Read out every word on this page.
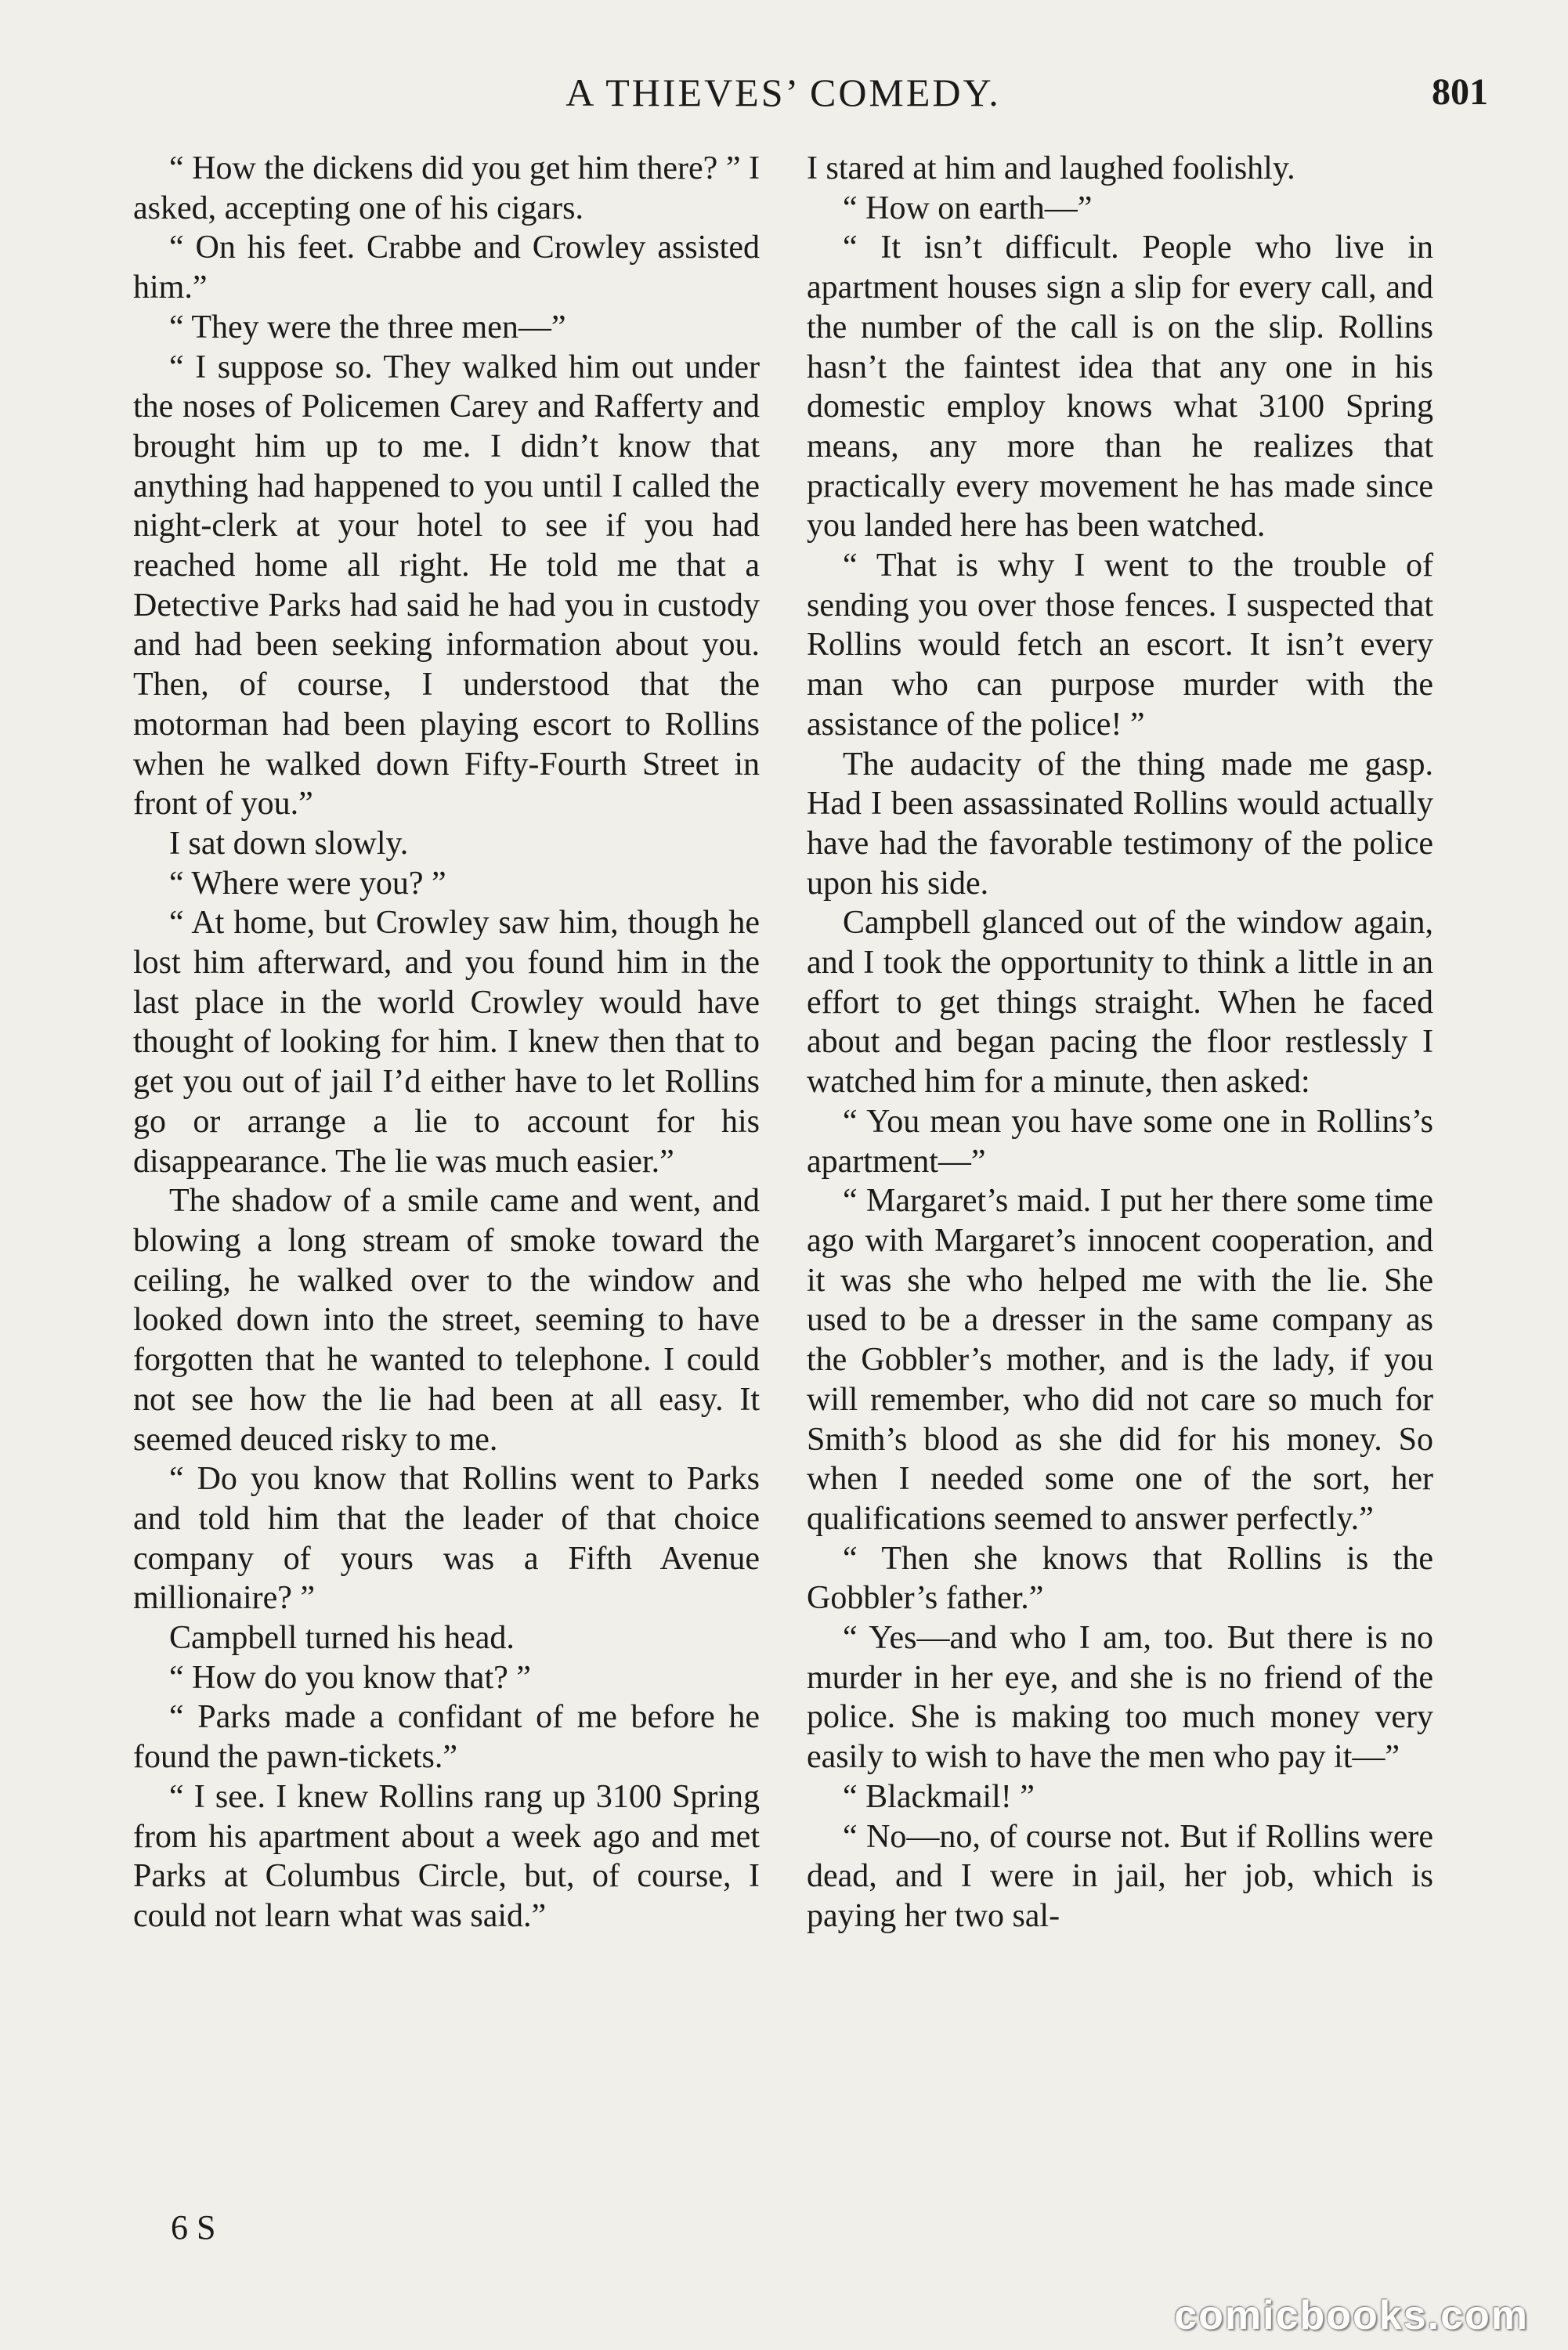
A THIEVES’ COMEDY.	801

“ How the dickens did you get him there? ” I asked, accepting one of his cigars.

“ On his feet. Crabbe and Crowley assisted him.”

“ They were the three men—”

“ I suppose so. They walked him out under the noses of Policemen Carey and Rafferty and brought him up to me. I didn’t know that anything had happened to you until I called the night-clerk at your hotel to see if you had reached home all right. He told me that a Detective Parks had said he had you in custody and had been seeking information about you. Then, of course, I understood that the motorman had been playing escort to Rollins when he walked down Fifty-Fourth Street in front of you.”

I sat down slowly.

“ Where were you? ”

“ At home, but Crowley saw him, though he lost him afterward, and you found him in the last place in the world Crowley would have thought of looking for him. I knew then that to get you out of jail I’d either have to let Rollins go or arrange a lie to account for his disappearance. The lie was much easier.”

The shadow of a smile came and went, and blowing a long stream of smoke toward the ceiling, he walked over to the window and looked down into the street, seeming to have forgotten that he wanted to telephone. I could not see how the lie had been at all easy. It seemed deuced risky to me.

“ Do you know that Rollins went to Parks and told him that the leader of that choice company of yours was a Fifth Avenue millionaire? ”

Campbell turned his head.

“ How do you know that? ”

“ Parks made a confidant of me before he found the pawn-tickets.”

“ I see. I knew Rollins rang up 3100 Spring from his apartment about a week ago and met Parks at Columbus Circle, but, of course, I could not learn what was said.”

I stared at him and laughed foolishly.

“ How on earth—”

“ It isn’t difficult. People who live in apartment houses sign a slip for every call, and the number of the call is on the slip. Rollins hasn’t the faintest idea that any one in his domestic employ knows what 3100 Spring means, any more than he realizes that practically every movement he has made since you landed here has been watched.

“ That is why I went to the trouble of sending you over those fences. I suspected that Rollins would fetch an escort. It isn’t every man who can purpose murder with the assistance of the police! ”

The audacity of the thing made me gasp. Had I been assassinated Rollins would actually have had the favorable testimony of the police upon his side.

Campbell glanced out of the window again, and I took the opportunity to think a little in an effort to get things straight. When he faced about and began pacing the floor restlessly I watched him for a minute, then asked:

“ You mean you have some one in Rollins’s apartment—”

“ Margaret’s maid. I put her there some time ago with Margaret’s innocent cooperation, and it was she who helped me with the lie. She used to be a dresser in the same company as the Gobbler’s mother, and is the lady, if you will remember, who did not care so much for Smith’s blood as she did for his money. So when I needed some one of the sort, her qualifications seemed to answer perfectly.”

“ Then she knows that Rollins is the Gobbler’s father.”

“ Yes—and who I am, too. But there is no murder in her eye, and she is no friend of the police. She is making too much money very easily to wish to have the men who pay it—”

“ Blackmail! ”

“ No—no, of course not. But if Rollins were dead, and I were in jail, her job, which is paying her two sal-

6 S
comicbooks.com
